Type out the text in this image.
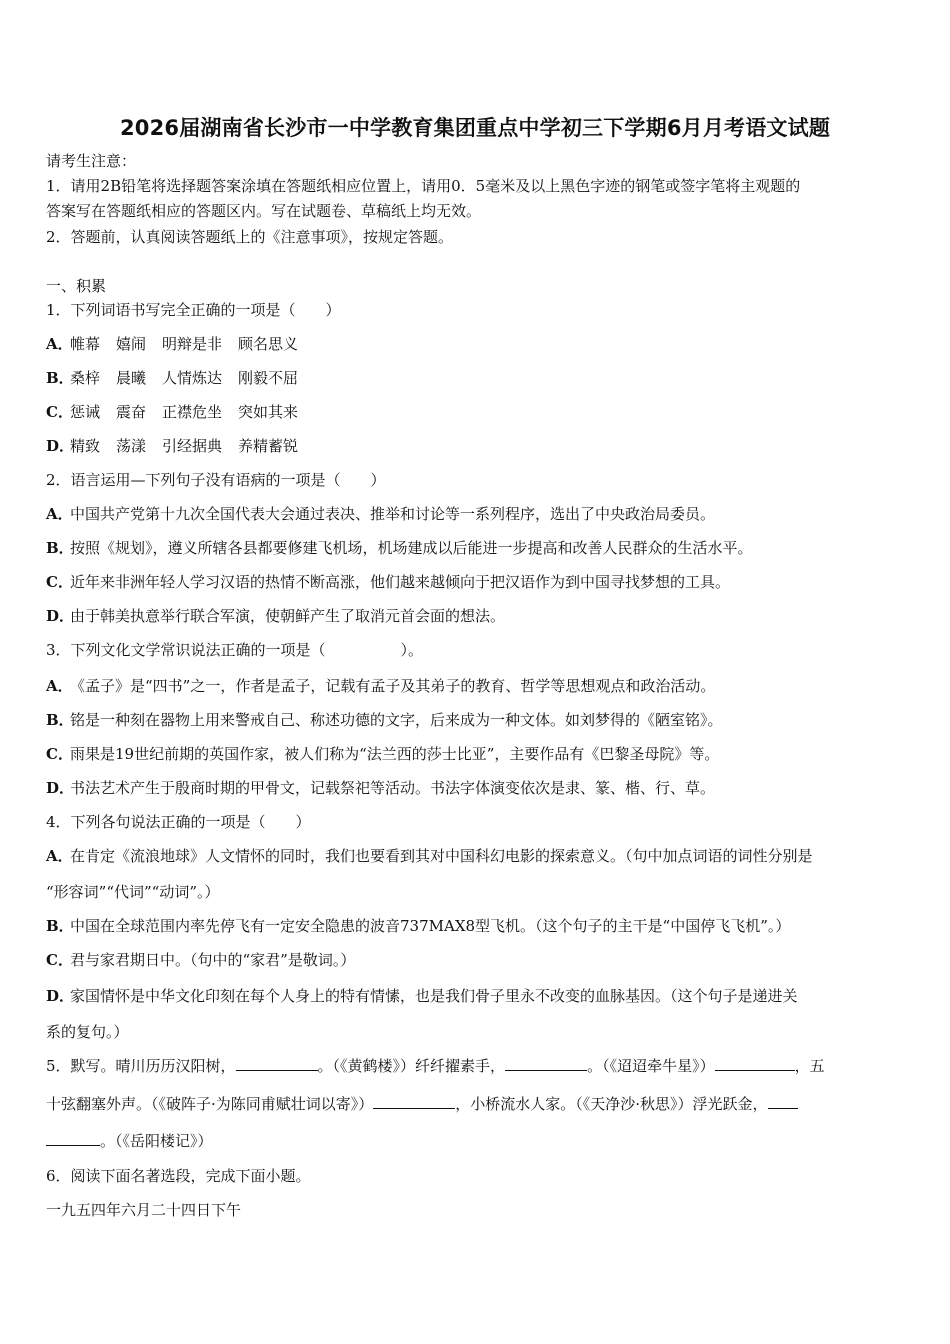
2026届湖南省长沙市一中学教育集团重点中学初三下学期6月月考语文试题
请考生注意：
1．请用2B铅笔将选择题答案涂填在答题纸相应位置上，请用0．5毫米及以上黑色字迹的钢笔或签字笔将主观题的
答案写在答题纸相应的答题区内。写在试题卷、草稿纸上均无效。
2．答题前，认真阅读答题纸上的《注意事项》，按规定答题。
一、积累
1．下列词语书写完全正确的一项是（　　）
A．帷幕 嬉闹 明辩是非 顾名思义
B．桑梓 晨曦 人情炼达 刚毅不屈
C．惩诫 震奋 正襟危坐 突如其来
D．精致 荡漾 引经据典 养精蓄锐
2．语言运用—下列句子没有语病的一项是（　　）
A．中国共产党第十九次全国代表大会通过表决、推举和讨论等一系列程序，选出了中央政治局委员。
B．按照《规划》，遵义所辖各县都要修建飞机场，机场建成以后能进一步提高和改善人民群众的生活水平。
C．近年来非洲年轻人学习汉语的热情不断高涨，他们越来越倾向于把汉语作为到中国寻找梦想的工具。
D．由于韩美执意举行联合军演，使朝鲜产生了取消元首会面的想法。
3．下列文化文学常识说法正确的一项是（　　　　　）。
A．《孟子》是“四书”之一，作者是孟子，记载有孟子及其弟子的教育、哲学等思想观点和政治活动。
B．铭是一种刻在器物上用来警戒自己、称述功德的文字，后来成为一种文体。如刘梦得的《陋室铭》。
C．雨果是19世纪前期的英国作家，被人们称为“法兰西的莎士比亚”，主要作品有《巴黎圣母院》等。
D．书法艺术产生于殷商时期的甲骨文，记载祭祀等活动。书法字体演变依次是隶、篆、楷、行、草。
4．下列各句说法正确的一项是（　　）
A．在肯定《流浪地球》人文情怀的同时，我们也要看到其对中国科幻电影的探索意义。（句中加点词语的词性分别是
“形容词”“代词”“动词”。）
B．中国在全球范围内率先停飞有一定安全隐患的波音737MAX8型飞机。（这个句子的主干是“中国停飞飞机”。）
C．君与家君期日中。（句中的“家君”是敬词。）
D．家国情怀是中华文化印刻在每个人身上的特有情愫，也是我们骨子里永不改变的血脉基因。（这个句子是递进关
系的复句。）
5．默写。晴川历历汉阳树，	。（《黄鹤楼》）纤纤擢素手，	。（《迢迢牵牛星》）	，五
十弦翻塞外声。（《破阵子·为陈同甫赋壮词以寄》）	，小桥流水人家。（《天净沙·秋思》）浮光跃金，
。（《岳阳楼记》）
6．阅读下面名著选段，完成下面小题。
一九五四年六月二十四日下午
